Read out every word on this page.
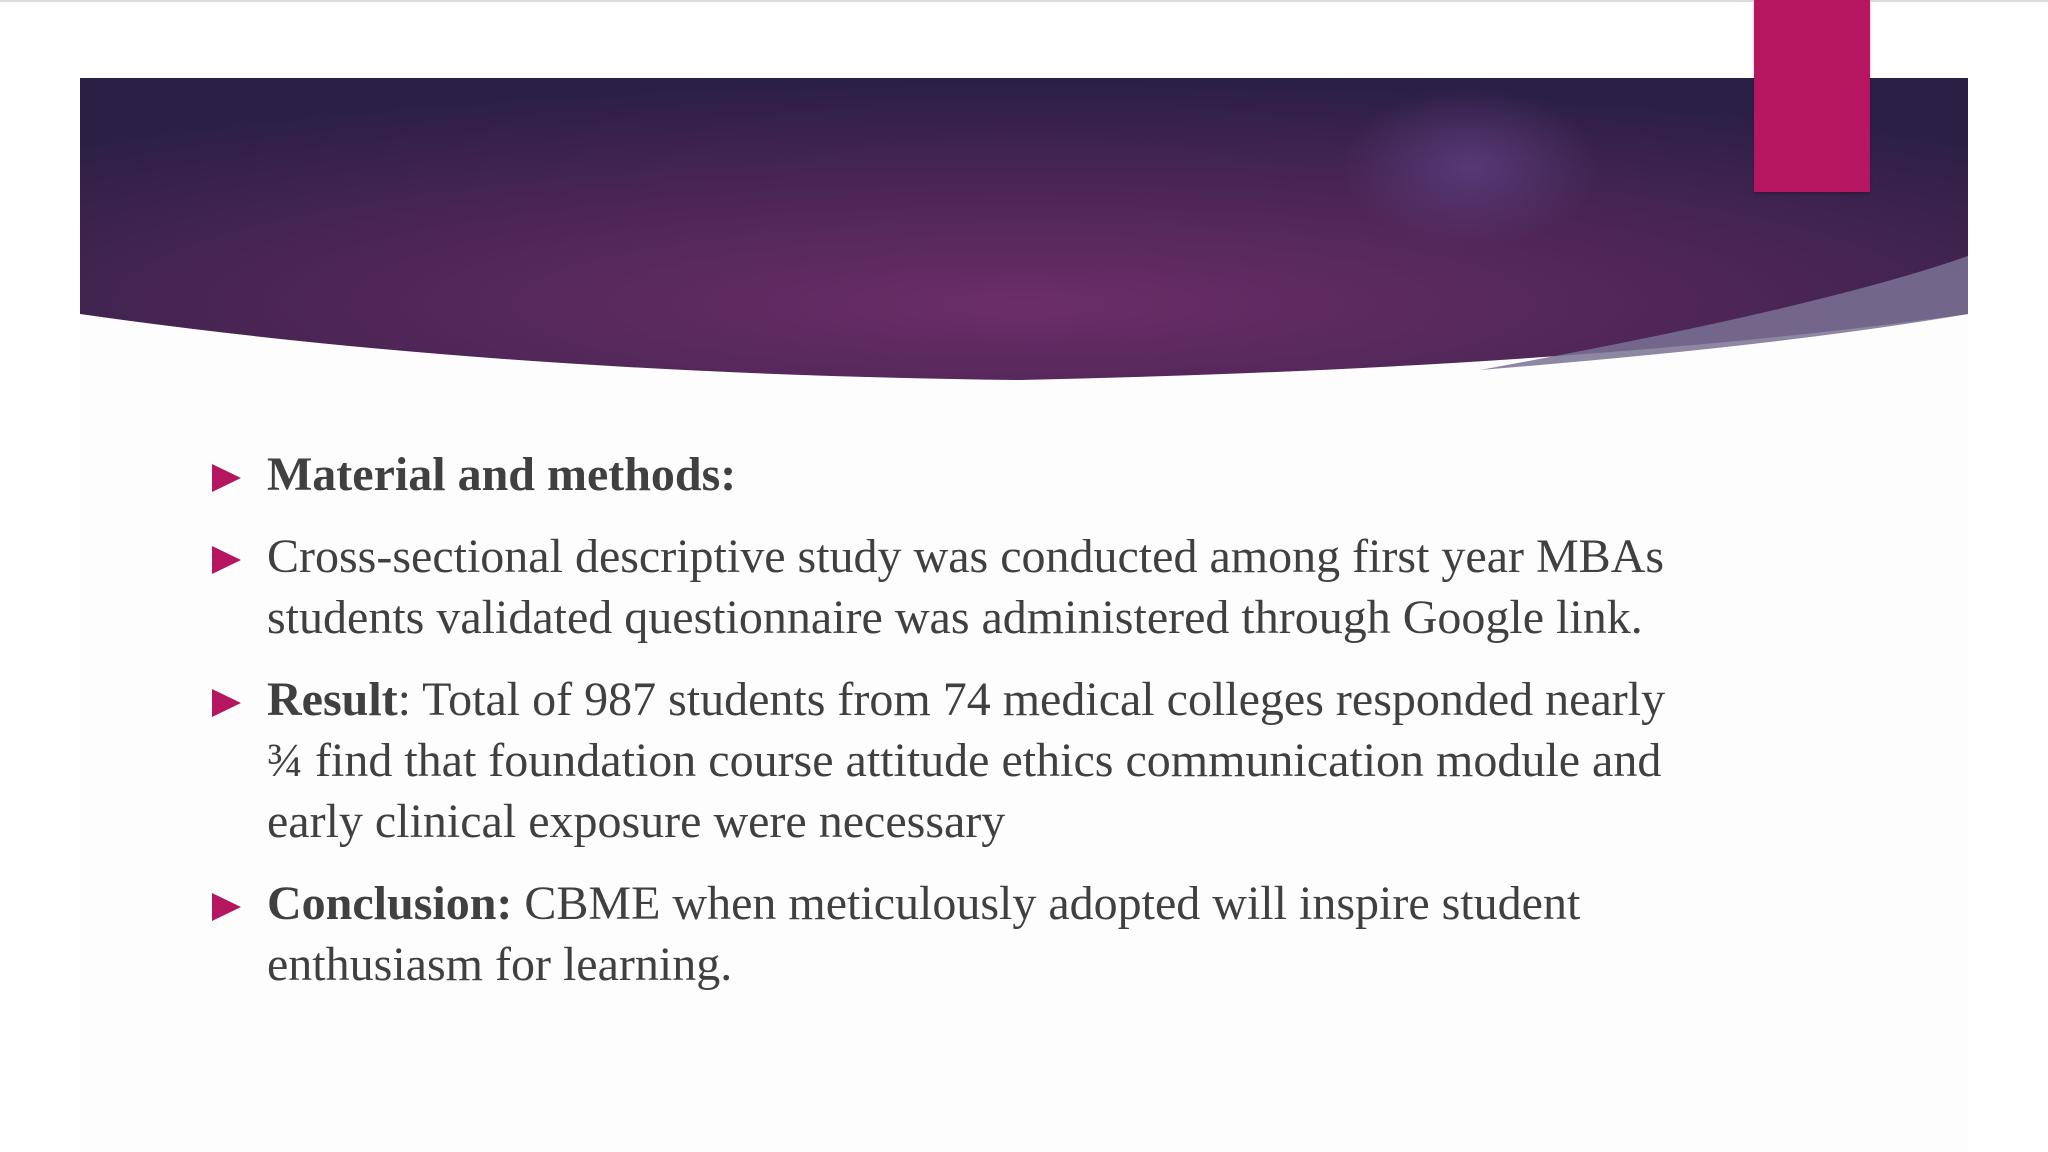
Material and methods:
Cross-sectional descriptive study was conducted among first year MBAs students validated questionnaire was administered through Google link.
Result: Total of 987 students from 74 medical colleges responded nearly ¾ find that foundation course attitude ethics communication module and early clinical exposure were necessary
Conclusion: CBME when meticulously adopted will inspire student enthusiasm for learning.
